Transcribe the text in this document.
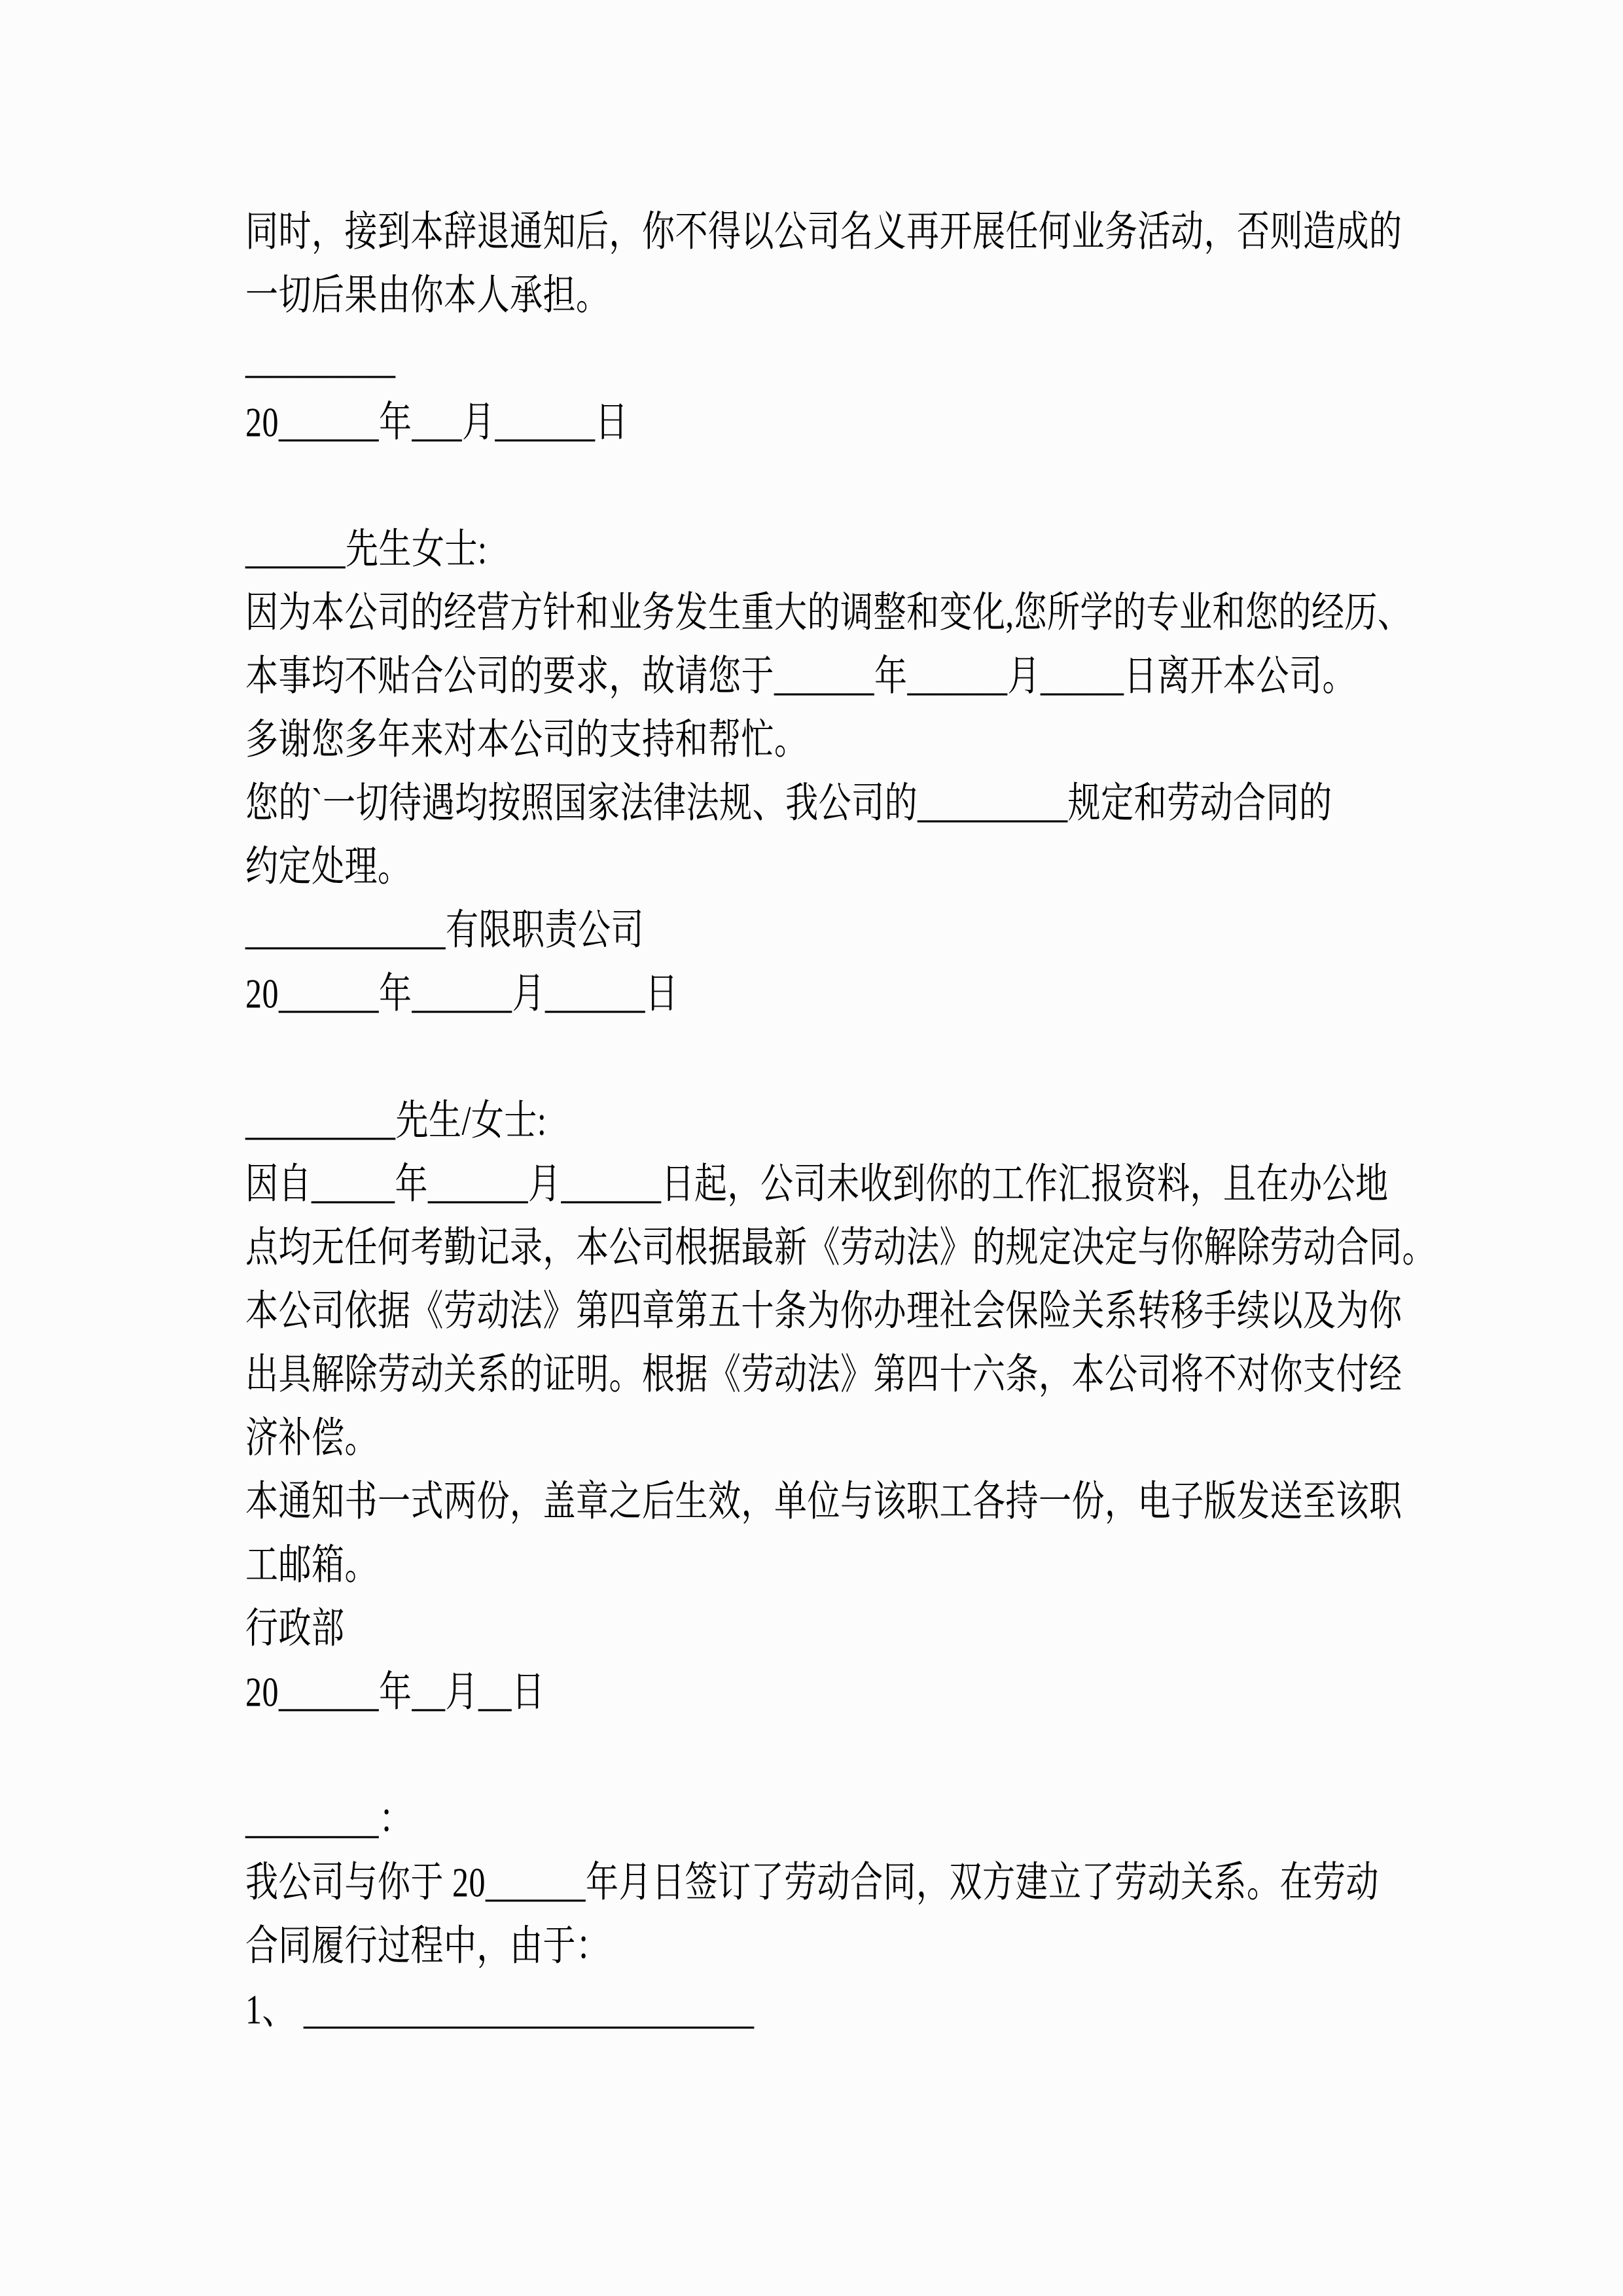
同时，接到本辞退通知后，你不得以公司名义再开展任何业务活动，否则造成的
一切后果由你本人承担。
_________
20______年___月______日
______先生女士:
因为本公司的经营方针和业务发生重大的调整和变化,您所学的专业和您的经历、
本事均不贴合公司的要求，故请您于______年______月_____日离开本公司。
多谢您多年来对本公司的支持和帮忙。
您的`一切待遇均按照国家法律法规、我公司的_________规定和劳动合同的
约定处理。
____________有限职责公司
20______年______月______日
_________先生/女士:
因自_____年______月______日起，公司未收到你的工作汇报资料，且在办公地
点均无任何考勤记录，本公司根据最新《劳动法》的规定决定与你解除劳动合同。
本公司依据《劳动法》第四章第五十条为你办理社会保险关系转移手续以及为你
出具解除劳动关系的证明。根据《劳动法》第四十六条，本公司将不对你支付经
济补偿。
本通知书一式两份，盖章之后生效，单位与该职工各持一份，电子版发送至该职
工邮箱。
行政部
20______年__月__日
________：
我公司与你于 20______年月日签订了劳动合同，双方建立了劳动关系。在劳动
合同履行过程中，由于：
1、 ___________________________
